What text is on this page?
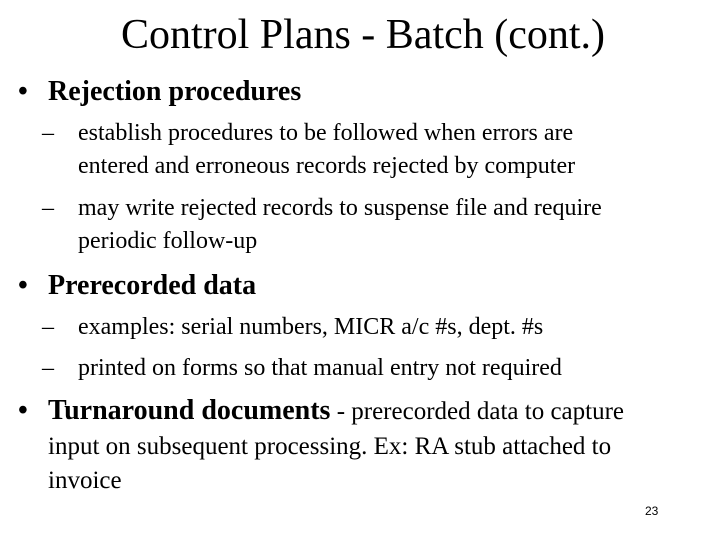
Control Plans - Batch (cont.)
• Rejection procedures
– establish procedures to be followed when errors are
entered and erroneous records rejected by computer
– may write rejected records to suspense file and require
periodic follow-up
• Prerecorded data
– examples: serial numbers, MICR a/c #s, dept. #s
– printed on forms so that manual entry not required
• Turnaround documents - prerecorded data to capture
input on subsequent processing. Ex: RA stub attached to
invoice
23
